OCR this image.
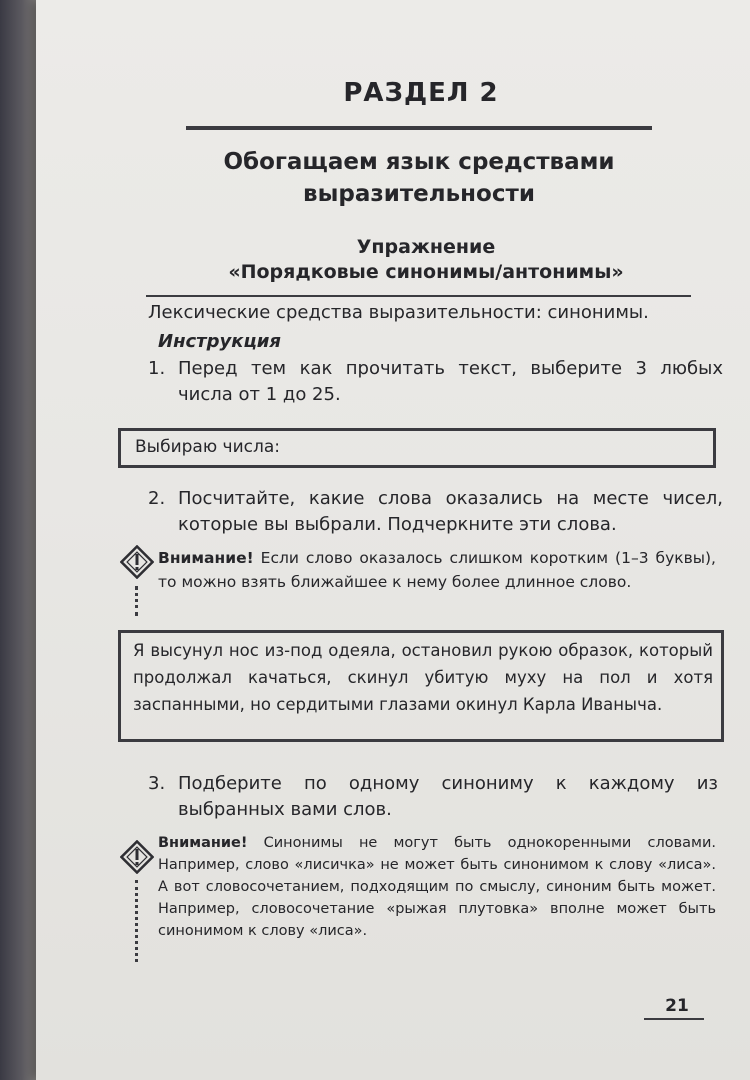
РАЗДЕЛ 2
Обогащаем язык средствами
выразительности
Упражнение
«Порядковые синонимы/антонимы»
Лексические средства выразительности: синонимы.
Инструкция
1. Перед тем как прочитать текст, выберите 3 любых числа от 1 до 25.
Выбираю числа:
2. Посчитайте, какие слова оказались на месте чисел, которые вы выбрали. Подчеркните эти слова.
Внимание! Если слово оказалось слишком коротким (1–3 буквы), то можно взять ближайшее к нему более длинное слово.

Я высунул нос из-под одеяла, остановил рукою образок, который продолжал качаться, скинул убитую муху на пол и хотя заспанными, но сердитыми глазами окинул Карла Иваныча.

3. Подберите по одному синониму к каждому из выбранных вами слов.
Внимание! Синонимы не могут быть однокоренными словами. Например, слово «лисичка» не может быть синонимом к слову «лиса». А вот словосочетанием, подходящим по смыслу, синоним быть может. Например, словосочетание «рыжая плутовка» вполне может быть синонимом к слову «лиса».
21
